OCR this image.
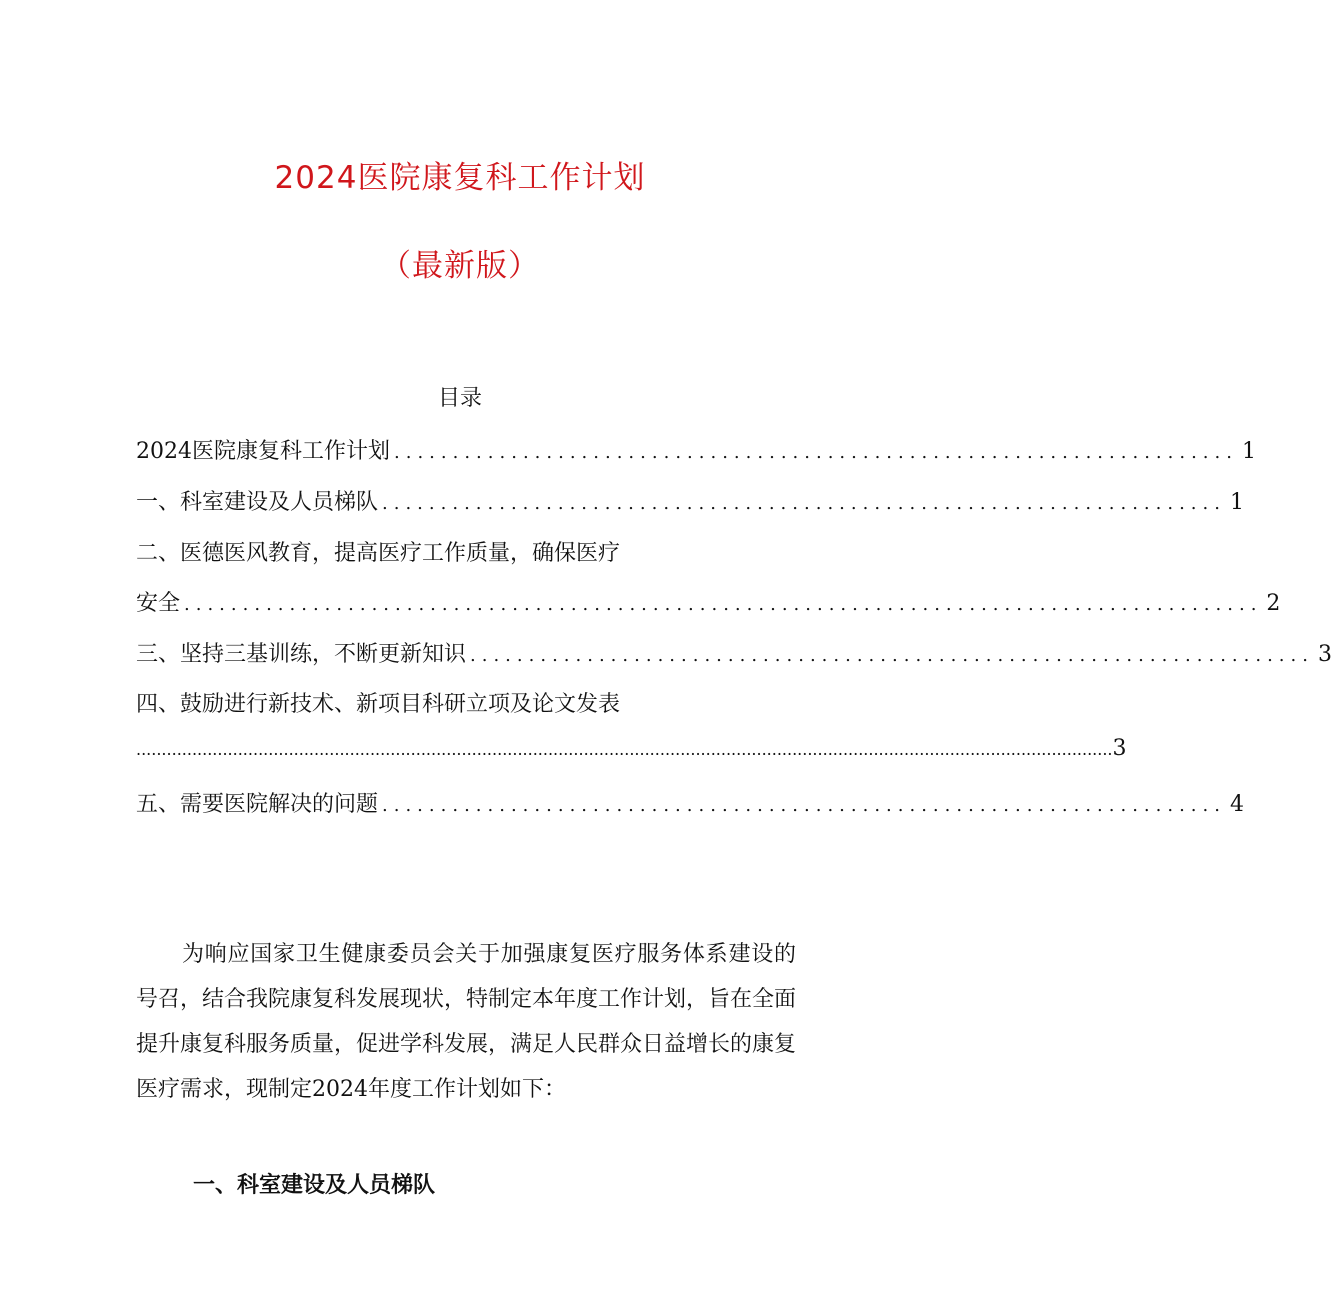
2024医院康复科工作计划
（最新版）
目录
2024医院康复科工作计划 ........................................................................ 1
一、科室建设及人员梯队 ........................................................................ 1
二、医德医风教育，提高医疗工作质量，确保医疗
安全 ............................................................................................ 2
三、坚持三基训练，不断更新知识 ........................................................................ 3
四、鼓励进行新技术、新项目科研立项及论文发表
................................................................................................................................................................................................ 3
五、需要医院解决的问题 ........................................................................ 4

为响应国家卫生健康委员会关于加强康复医疗服务体系建设的号召，结合我院康复科发展现状，特制定本年度工作计划，旨在全面提升康复科服务质量，促进学科发展，满足人民群众日益增长的康复医疗需求，现制定2024年度工作计划如下：

一、科室建设及人员梯队
